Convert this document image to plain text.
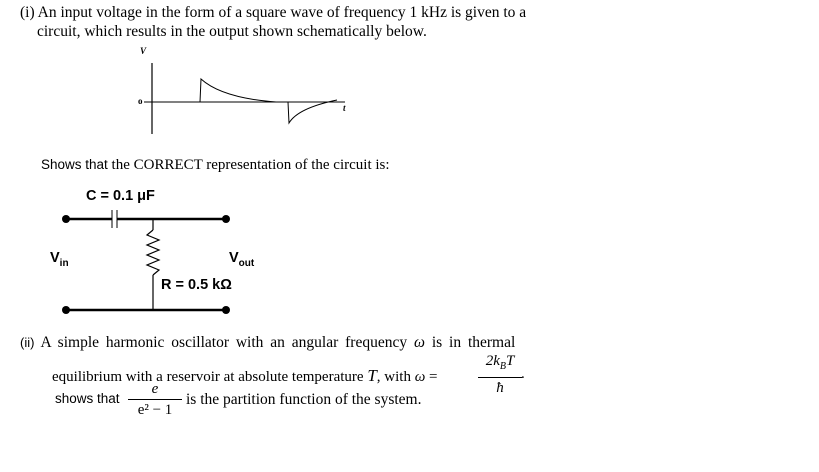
(i) An input voltage in the form of a square wave of frequency 1 kHz is given to a
circuit, which results in the output shown schematically below.
V
o
t
C = 0.1 μF
$V_{in}$	$V_{out}$
R = 0.5 kΩ
Shows that the CORRECT representation of the circuit is:
(ii) A simple harmonic oscillator with an angular frequency ω is in thermal
equilibrium with a reservoir at absolute temperature T, with ω =
$2k_BT$
ħ
.
shows that
e
e² − 1
is the partition function of the system.
